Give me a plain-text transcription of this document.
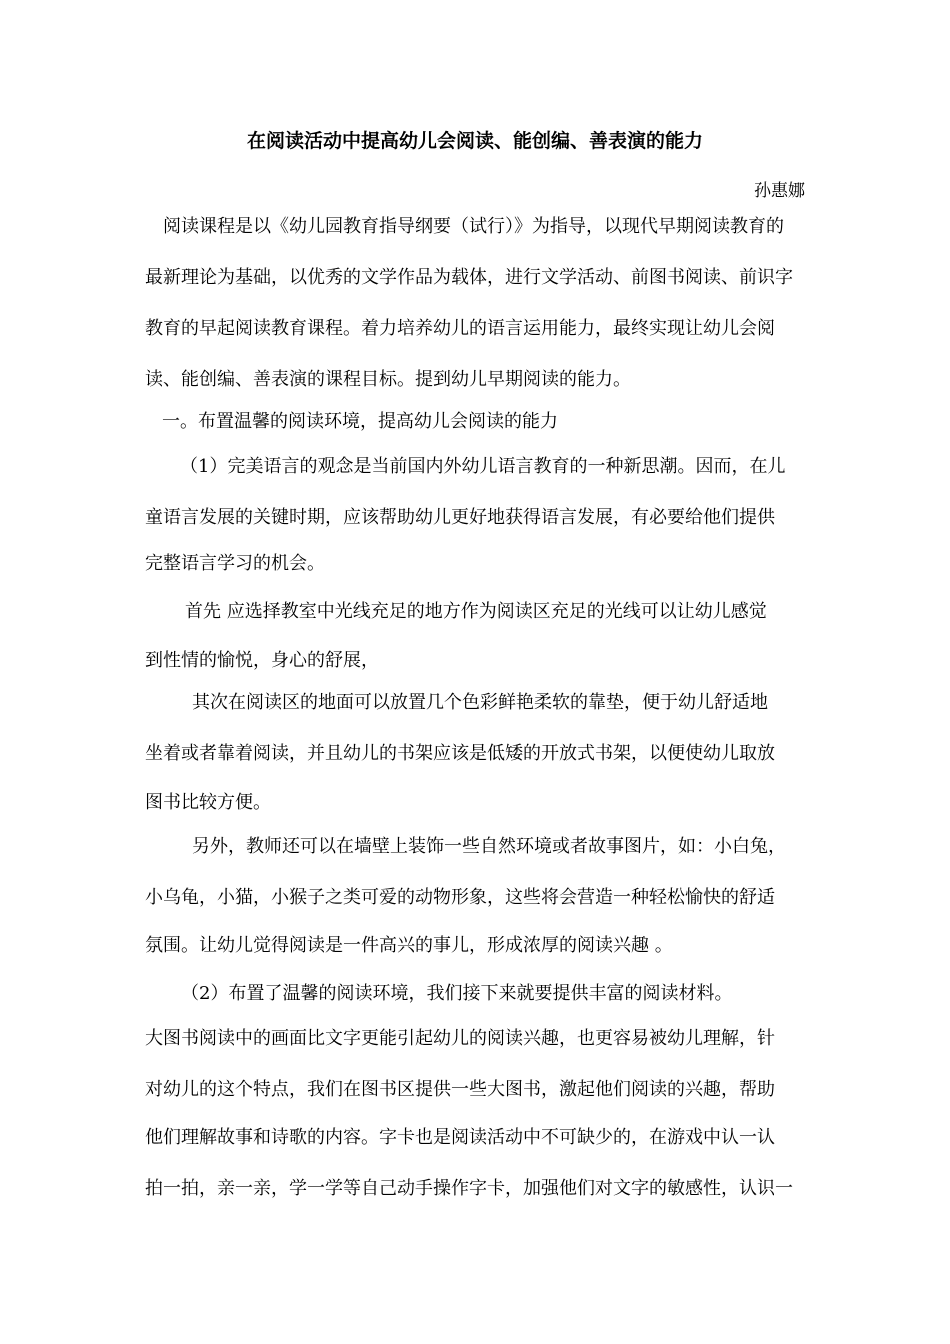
在阅读活动中提高幼儿会阅读、能创编、善表演的能力
孙惠娜
阅读课程是以《幼儿园教育指导纲要（试行）》为指导，以现代早期阅读教育的
最新理论为基础，以优秀的文学作品为载体，进行文学活动、前图书阅读、前识字
教育的早起阅读教育课程。着力培养幼儿的语言运用能力，最终实现让幼儿会阅
读、能创编、善表演的课程目标。提到幼儿早期阅读的能力。
一。布置温馨的阅读环境，提高幼儿会阅读的能力
（1）完美语言的观念是当前国内外幼儿语言教育的一种新思潮。因而，在儿
童语言发展的关键时期，应该帮助幼儿更好地获得语言发展，有必要给他们提供
完整语言学习的机会。
首先 应选择教室中光线充足的地方作为阅读区充足的光线可以让幼儿感觉
到性情的愉悦，身心的舒展，
其次在阅读区的地面可以放置几个色彩鲜艳柔软的靠垫，便于幼儿舒适地
坐着或者靠着阅读，并且幼儿的书架应该是低矮的开放式书架，以便使幼儿取放
图书比较方便。
另外，教师还可以在墙壁上装饰一些自然环境或者故事图片，如：小白兔，
小乌龟，小猫，小猴子之类可爱的动物形象，这些将会营造一种轻松愉快的舒适
氛围。让幼儿觉得阅读是一件高兴的事儿，形成浓厚的阅读兴趣 。
（2）布置了温馨的阅读环境，我们接下来就要提供丰富的阅读材料。
大图书阅读中的画面比文字更能引起幼儿的阅读兴趣，也更容易被幼儿理解，针
对幼儿的这个特点，我们在图书区提供一些大图书，激起他们阅读的兴趣，帮助
他们理解故事和诗歌的内容。字卡也是阅读活动中不可缺少的，在游戏中认一认
拍一拍，亲一亲，学一学等自己动手操作字卡，加强他们对文字的敏感性，认识一
